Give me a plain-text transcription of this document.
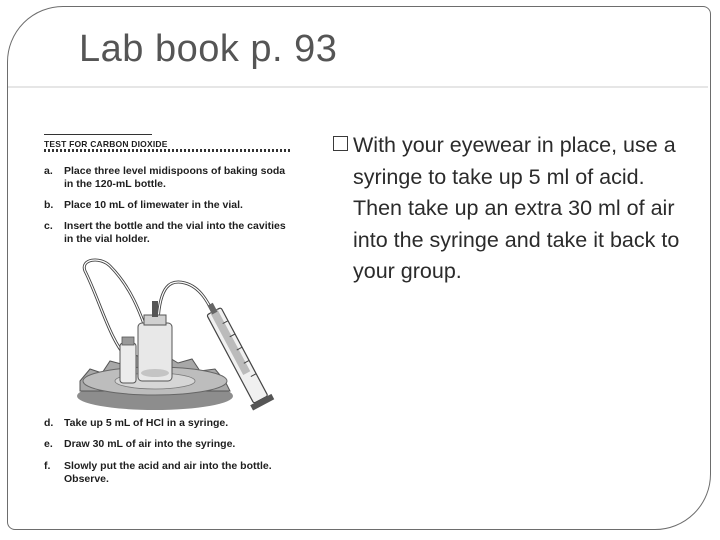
Lab book p. 93
TEST FOR CARBON DIOXIDE
a. Place three level midispoons of baking soda in the 120-mL bottle.
b. Place 10 mL of limewater in the vial.
c. Insert the bottle and the vial into the cavities in the vial holder.
d. Take up 5 mL of HCl in a syringe.
e. Draw 30 mL of air into the syringe.
f. Slowly put the acid and air into the bottle. Observe.
With your eyewear in place, use a syringe to take up 5 ml of acid. Then take up an extra 30 ml of air into the syringe and take it back to your group.
